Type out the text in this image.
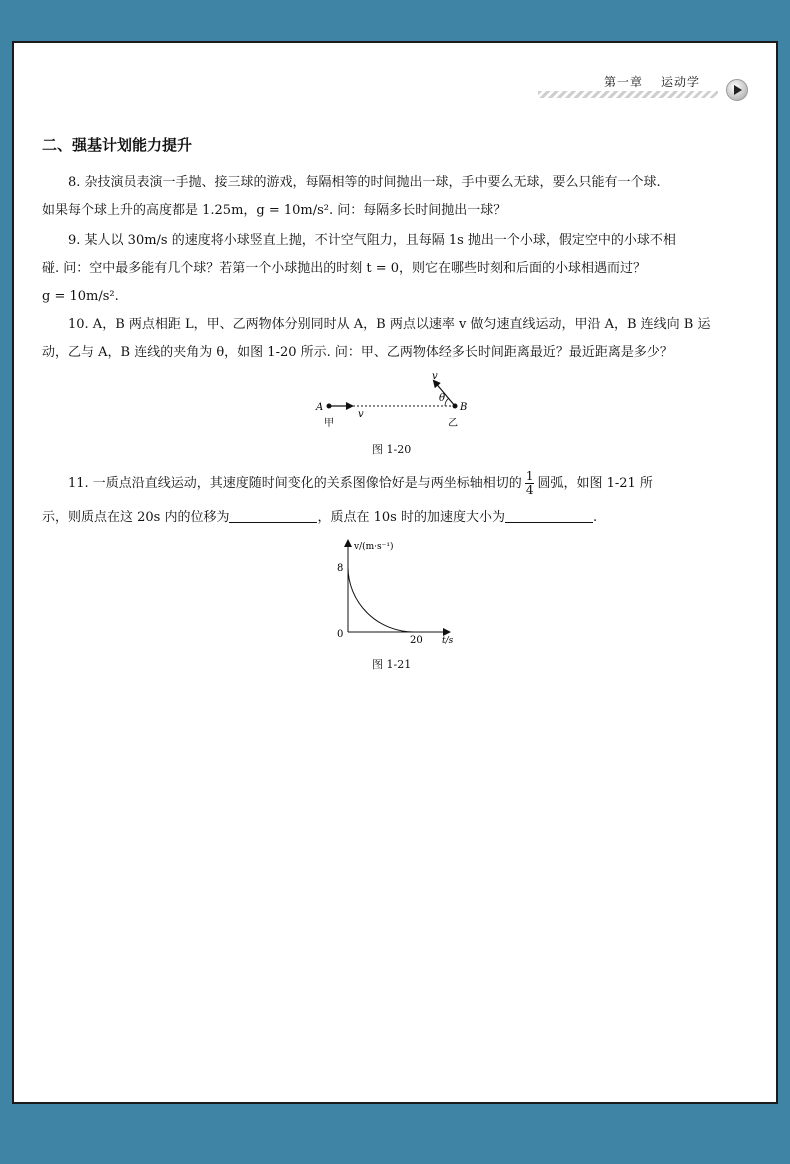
第一章 运动学
二、强基计划能力提升
8. 杂技演员表演一手抛、接三球的游戏，每隔相等的时间抛出一球，手中要么无球，要么只能有一个球.
如果每个球上升的高度都是 1.25m，g = 10m/s². 问：每隔多长时间抛出一球？
9. 某人以 30m/s 的速度将小球竖直上抛，不计空气阻力，且每隔 1s 抛出一个小球，假定空中的小球不相
碰. 问：空中最多能有几个球？若第一个小球抛出的时刻 t = 0，则它在哪些时刻和后面的小球相遇而过？
g = 10m/s².
10. A，B 两点相距 L，甲、乙两物体分别同时从 A，B 两点以速率 v 做匀速直线运动，甲沿 A，B 连线向 B 运
动，乙与 A，B 连线的夹角为 θ，如图 1-20 所示. 问：甲、乙两物体经多长时间距离最近？最近距离是多少？
A	B
v
v
θ
甲	乙
图 1-20
11. 一质点沿直线运动，其速度随时间变化的关系图像恰好是与两坐标轴相切的 $\frac{1}{4}$ 圆弧，如图 1-21 所
示，则质点在这 20s 内的位移为	，质点在 10s 时的加速度大小为	.
v/(m·s⁻¹)
t/s
0
8
20
图 1-21
